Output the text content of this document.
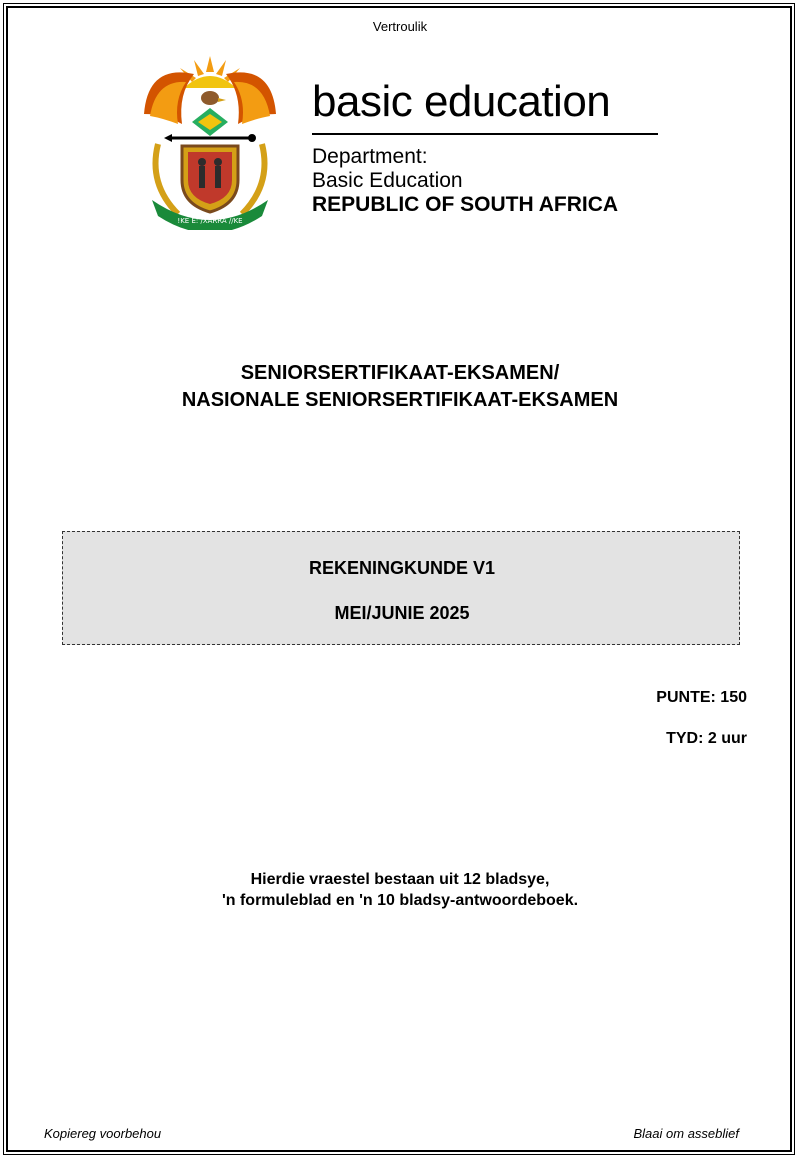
Vertroulik
!KE E: /XARRA //KE
basic education
Department:
Basic Education
REPUBLIC OF SOUTH AFRICA
SENIORSERTIFIKAAT-EKSAMEN/
NASIONALE SENIORSERTIFIKAAT-EKSAMEN
REKENINGKUNDE V1
MEI/JUNIE 2025
PUNTE: 150
TYD: 2 uur
Hierdie vraestel bestaan uit 12 bladsye,
'n formuleblad en 'n 10 bladsy-antwoordeboek.
Kopiereg voorbehou	Blaai om asseblief
